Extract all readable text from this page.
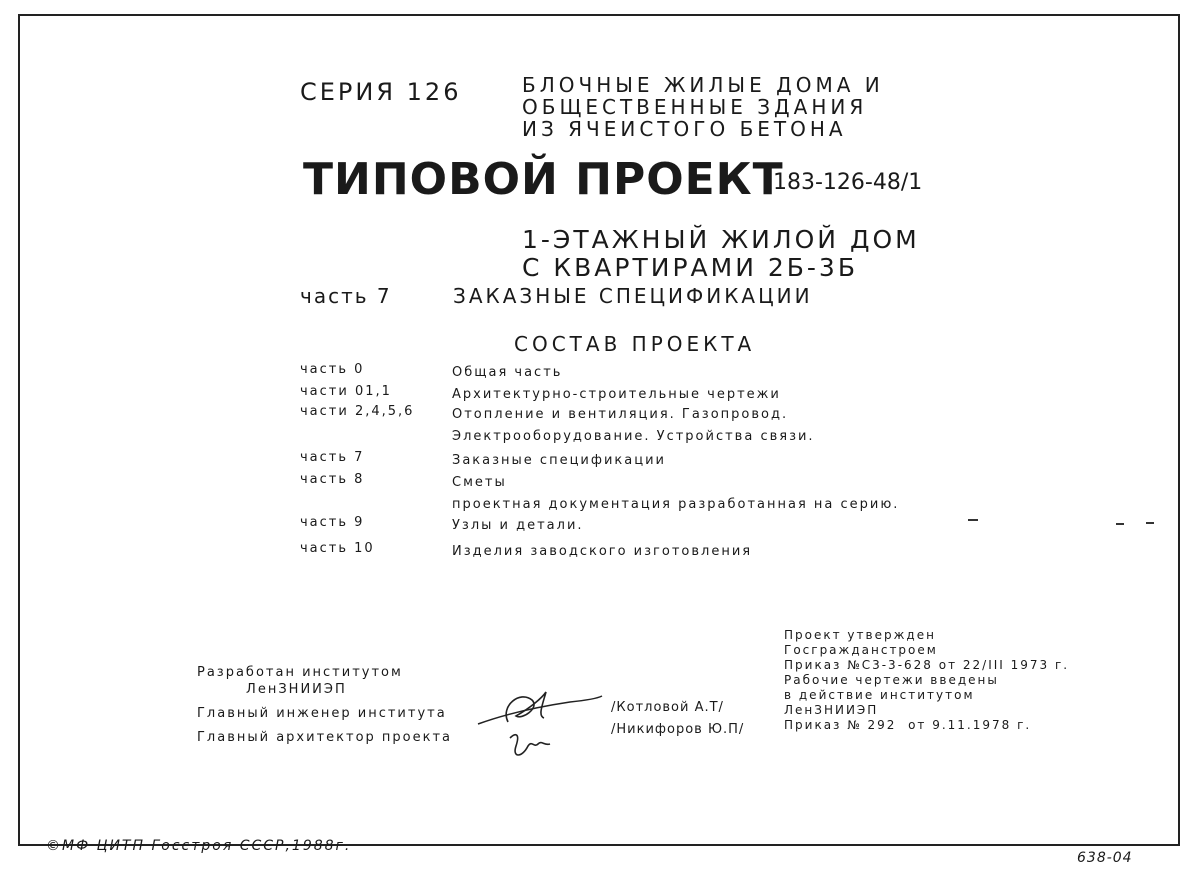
СЕРИЯ 126	БЛОЧНЫЕ ЖИЛЫЕ ДОМА И
ОБЩЕСТВЕННЫЕ ЗДАНИЯ
ИЗ ЯЧЕИСТОГО БЕТОНА
ТИПОВОЙ ПРОЕКТ
183-126-48/1
1-ЭТАЖНЫЙ ЖИЛОЙ ДОМ
С КВАРТИРАМИ 2Б-3Б
часть 7	ЗАКАЗНЫЕ СПЕЦИФИКАЦИИ
СОСТАВ ПРОЕКТА
часть 0	Общая часть
части 01,1	Архитектурно-строительные чертежи
части 2,4,5,6	Отопление и вентиляция. Газопровод.
Электрооборудование. Устройства связи.
часть 7	Заказные спецификации
часть 8	Сметы
проектная документация разработанная на серию.
часть 9	Узлы и детали.
часть 10	Изделия заводского изготовления
Разработан институтом
ЛенЗНИИЭП
Главный инженер института
Главный архитектор проекта
/Котловой А.Т/
/Никифоров Ю.П/
Проект утвержден
Госгражданстроем
Приказ №С3-3-628 от 22/III 1973 г.
Рабочие чертежи введены
в действие институтом
ЛенЗНИИЭП
Приказ № 292  от 9.11.1978 г.
©МФ ЦИТП Госстроя СССР,1988г.
638-04
